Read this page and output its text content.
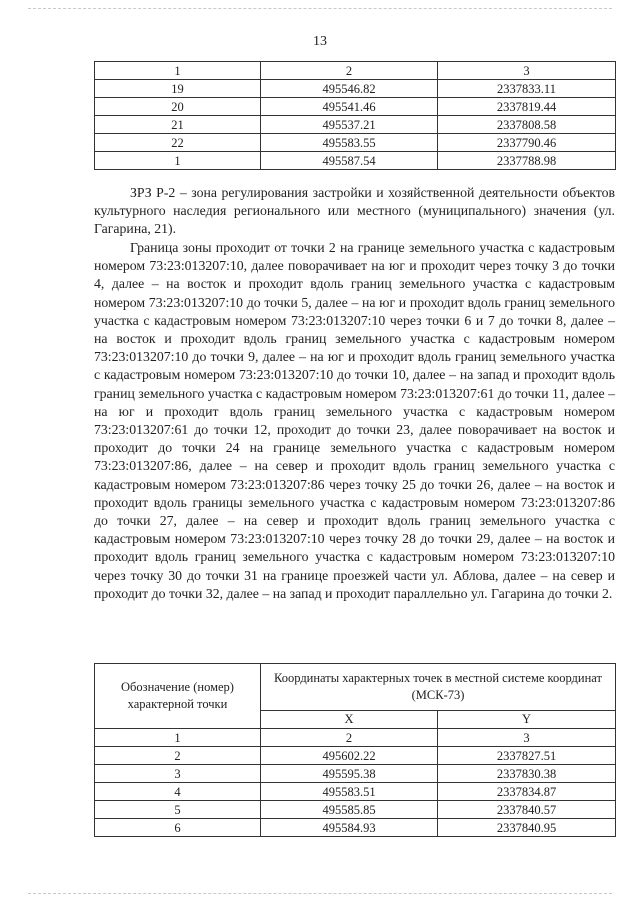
13
1	2	3
19	495546.82	2337833.11
20	495541.46	2337819.44
21	495537.21	2337808.58
22	495583.55	2337790.46
1	495587.54	2337788.98

ЗРЗ Р-2 – зона регулирования застройки и хозяйственной деятельности объектов культурного наследия регионального или местного (муниципального) значения (ул. Гагарина, 21).

Граница зоны проходит от точки 2 на границе земельного участка с кадастровым номером 73:23:013207:10, далее поворачивает на юг и проходит через точку 3 до точки 4, далее – на восток и проходит вдоль границ земельного участка с кадастровым номером 73:23:013207:10 до точки 5, далее – на юг и проходит вдоль границ земельного участка с кадастровым номером 73:23:013207:10 через точки 6 и 7 до точки 8, далее – на восток и проходит вдоль границ земельного участка с кадастровым номером 73:23:013207:10 до точки 9, далее – на юг и проходит вдоль границ земельного участка с кадастровым номером 73:23:013207:10 до точки 10, далее – на запад и проходит вдоль границ земельного участка с кадастровым номером 73:23:013207:61 до точки 11, далее – на юг и проходит вдоль границ земельного участка с кадастровым номером 73:23:013207:61 до точки 12, проходит до точки 23, далее поворачивает на восток и проходит до точки 24 на границе земельного участка с кадастровым номером 73:23:013207:86, далее – на север и проходит вдоль границ земельного участка с кадастровым номером 73:23:013207:86 через точку 25 до точки 26, далее – на восток и проходит вдоль границы земельного участка с кадастровым номером 73:23:013207:86 до точки 27, далее – на север и проходит вдоль границ земельного участка с кадастровым номером 73:23:013207:10 через точку 28 до точки 29, далее – на восток и проходит вдоль границ земельного участка с кадастровым номером 73:23:013207:10 через точку 30 до точки 31 на границе проезжей части ул. Аблова, далее – на север и проходит до точки 32, далее – на запад и проходит параллельно ул. Гагарина до точки 2.

Обозначение (номер) характерной точки	Координаты характерных точек в местной системе координат (МСК-73)	
	X	Y
1	2	3
2	495602.22	2337827.51
3	495595.38	2337830.38
4	495583.51	2337834.87
5	495585.85	2337840.57
6	495584.93	2337840.95
